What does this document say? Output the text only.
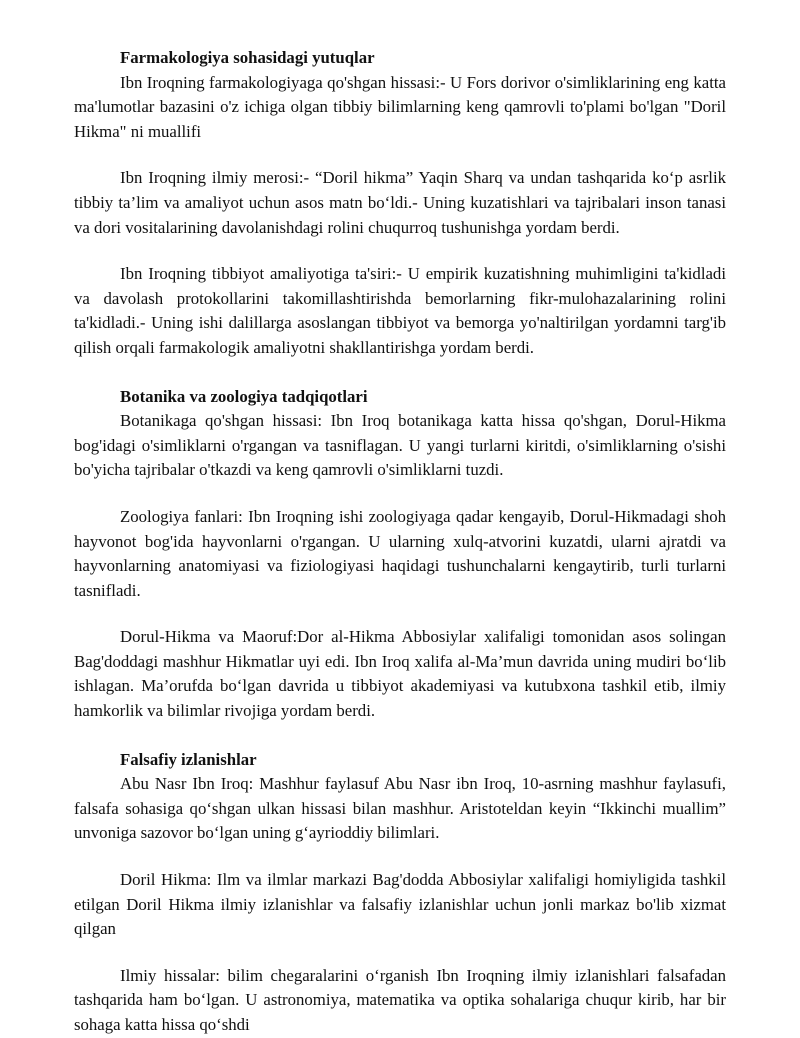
Farmakologiya sohasidagi yutuqlar

Ibn Iroqning farmakologiyaga qo'shgan hissasi:- U Fors dorivor o'simliklarining eng katta ma'lumotlar bazasini o'z ichiga olgan tibbiy bilimlarning keng qamrovli to'plami bo'lgan "Doril Hikma" ni muallifi

Ibn Iroqning ilmiy merosi:- “Doril hikma” Yaqin Sharq va undan tashqarida ko‘p asrlik tibbiy ta’lim va amaliyot uchun asos matn bo‘ldi.- Uning kuzatishlari va tajribalari inson tanasi va dori vositalarining davolanishdagi rolini chuqurroq tushunishga yordam berdi.

Ibn Iroqning tibbiyot amaliyotiga ta'siri:- U empirik kuzatishning muhimligini ta'kidladi va davolash protokollarini takomillashtirishda bemorlarning fikr-mulohazalarining rolini ta'kidladi.- Uning ishi dalillarga asoslangan tibbiyot va bemorga yo'naltirilgan yordamni targ'ib qilish orqali farmakologik amaliyotni shakllantirishga yordam berdi.

Botanika va zoologiya tadqiqotlari

Botanikaga qo'shgan hissasi: Ibn Iroq botanikaga katta hissa qo'shgan, Dorul-Hikma bog'idagi o'simliklarni o'rgangan va tasniflagan. U yangi turlarni kiritdi, o'simliklarning o'sishi bo'yicha tajribalar o'tkazdi va keng qamrovli o'simliklarni tuzdi.

Zoologiya fanlari: Ibn Iroqning ishi zoologiyaga qadar kengayib, Dorul-Hikmadagi shoh hayvonot bog'ida hayvonlarni o'rgangan. U ularning xulq-atvorini kuzatdi, ularni ajratdi va hayvonlarning anatomiyasi va fiziologiyasi haqidagi tushunchalarni kengaytirib, turli turlarni tasnifladi.

Dorul-Hikma va Maoruf:Dor al-Hikma Abbosiylar xalifaligi tomonidan asos solingan Bag'doddagi mashhur Hikmatlar uyi edi. Ibn Iroq xalifa al-Ma’mun davrida uning mudiri bo‘lib ishlagan. Ma’orufda bo‘lgan davrida u tibbiyot akademiyasi va kutubxona tashkil etib, ilmiy hamkorlik va bilimlar rivojiga yordam berdi.

Falsafiy izlanishlar

Abu Nasr Ibn Iroq: Mashhur faylasuf Abu Nasr ibn Iroq, 10-asrning mashhur faylasufi, falsafa sohasiga qo‘shgan ulkan hissasi bilan mashhur. Aristoteldan keyin “Ikkinchi muallim” unvoniga sazovor bo‘lgan uning g‘ayrioddiy bilimlari.

Doril Hikma: Ilm va ilmlar markazi Bag'dodda Abbosiylar xalifaligi homiyligida tashkil etilgan Doril Hikma ilmiy izlanishlar va falsafiy izlanishlar uchun jonli markaz bo'lib xizmat qilgan

Ilmiy hissalar: bilim chegaralarini o‘rganish Ibn Iroqning ilmiy izlanishlari falsafadan tashqarida ham bo‘lgan. U astronomiya, matematika va optika sohalariga chuqur kirib, har bir sohaga katta hissa qo‘shdi
